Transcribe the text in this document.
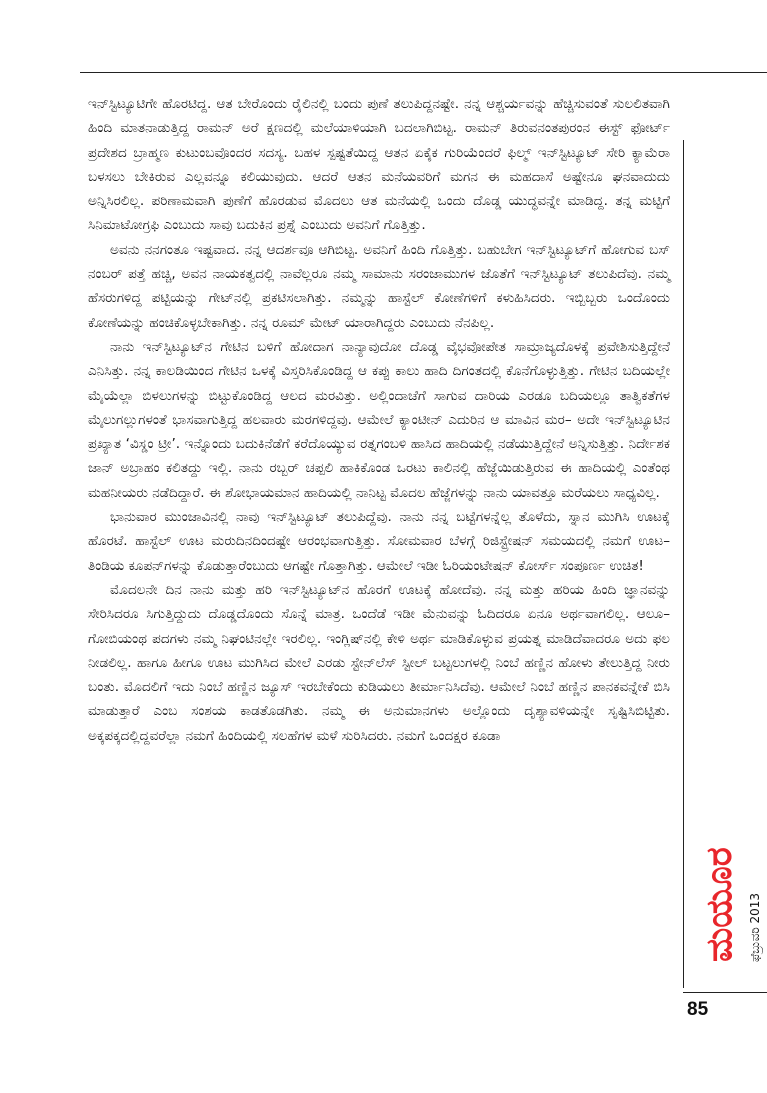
ಇನ್‌ಸ್ಟಿಟ್ಯೂಟಿಗೇ ಹೊರಟಿದ್ದ. ಆತ ಬೇರೊಂದು ರೈಲಿನಲ್ಲಿ ಬಂದು ಪುಣೆ ತಲುಪಿದ್ದನಷ್ಟೇ. ನನ್ನ ಆಶ್ಚರ್ಯವನ್ನು ಹೆಚ್ಚಿಸುವಂತೆ ಸುಲಲಿತವಾಗಿ ಹಿಂದಿ ಮಾತನಾಡುತ್ತಿದ್ದ ರಾಮನ್ ಅರೆ ಕ್ಷಣದಲ್ಲಿ ಮಲೆಯಾಳಿಯಾಗಿ ಬದಲಾಗಿಬಿಟ್ಟ. ರಾಮನ್ ತಿರುವನಂತಪುರಂನ ಈಸ್ಟ್ ಫೋರ್ಟ್ ಪ್ರದೇಶದ ಬ್ರಾಹ್ಮಣ ಕುಟುಂಬವೊಂದರ ಸದಸ್ಯ. ಬಹಳ ಸ್ಪಷ್ಟತೆಯಿದ್ದ ಆತನ ಏಕೈಕ ಗುರಿಯೆಂದರೆ ಫಿಲ್ಮ್ ಇನ್‌ಸ್ಟಿಟ್ಯೂಟ್ ಸೇರಿ ಕ್ಯಾಮೆರಾ ಬಳಸಲು ಬೇಕಿರುವ ಎಲ್ಲವನ್ನೂ ಕಲಿಯುವುದು. ಆದರೆ ಆತನ ಮನೆಯವರಿಗೆ ಮಗನ ಈ ಮಹದಾಸೆ ಅಷ್ಟೇನೂ ಘನವಾದುದು ಅನ್ನಿಸಿರಲಿಲ್ಲ. ಪರಿಣಾಮವಾಗಿ ಪುಣೆಗೆ ಹೊರಡುವ ಮೊದಲು ಆತ ಮನೆಯಲ್ಲಿ ಒಂದು ದೊಡ್ಡ ಯುದ್ಧವನ್ನೇ ಮಾಡಿದ್ದ. ತನ್ನ ಮಟ್ಟಿಗೆ ಸಿನಿಮಾಟೋಗ್ರಫಿ ಎಂಬುದು ಸಾವು ಬದುಕಿನ ಪ್ರಶ್ನೆ ಎಂಬುದು ಅವನಿಗೆ ಗೊತ್ತಿತ್ತು.

ಅವನು ನನಗಂತೂ ಇಷ್ಟವಾದ. ನನ್ನ ಆದರ್ಶವೂ ಆಗಿಬಿಟ್ಟ. ಅವನಿಗೆ ಹಿಂದಿ ಗೊತ್ತಿತ್ತು. ಬಹುಬೇಗ ಇನ್‌ಸ್ಟಿಟ್ಯೂಟ್‌ಗೆ ಹೋಗುವ ಬಸ್ ನಂಬರ್ ಪತ್ತೆ ಹಚ್ಚಿ, ಅವನ ನಾಯಕತ್ವದಲ್ಲಿ ನಾವೆಲ್ಲರೂ ನಮ್ಮ ಸಾಮಾನು ಸರಂಜಾಮುಗಳ ಜೊತೆಗೆ ಇನ್‌ಸ್ಟಿಟ್ಯೂಟ್ ತಲುಪಿದೆವು. ನಮ್ಮ ಹೆಸರುಗಳಿದ್ದ ಪಟ್ಟಿಯನ್ನು ಗೇಟ್‌ನಲ್ಲಿ ಪ್ರಕಟಿಸಲಾಗಿತ್ತು. ನಮ್ಮನ್ನು ಹಾಸ್ಟೆಲ್ ಕೋಣೆಗಳಿಗೆ ಕಳುಹಿಸಿದರು. ಇಬ್ಬಿಬ್ಬರು ಒಂದೊಂದು ಕೋಣೆಯನ್ನು ಹಂಚಿಕೊಳ್ಳಬೇಕಾಗಿತ್ತು. ನನ್ನ ರೂಮ್ ಮೇಟ್ ಯಾರಾಗಿದ್ದರು ಎಂಬುದು ನೆನಪಿಲ್ಲ.

ನಾನು ಇನ್‌ಸ್ಟಿಟ್ಯೂಟ್‌ನ ಗೇಟಿನ ಬಳಿಗೆ ಹೋದಾಗ ನಾನ್ಯಾವುದೋ ದೊಡ್ಡ ವೈಭವೋಪೇತ ಸಾಮ್ರಾಜ್ಯದೊಳಕ್ಕೆ ಪ್ರವೇಶಿಸುತ್ತಿದ್ದೇನೆ ಎನಿಸಿತ್ತು. ನನ್ನ ಕಾಲಡಿಯಿಂದ ಗೇಟಿನ ಒಳಕ್ಕೆ ವಿಸ್ತರಿಸಿಕೊಂಡಿದ್ದ ಆ ಕಪ್ಪು ಕಾಲು ಹಾದಿ ದಿಗಂತದಲ್ಲಿ ಕೊನೆಗೊಳ್ಳುತ್ತಿತ್ತು. ಗೇಟಿನ ಬದಿಯಲ್ಲೇ ಮೈಯೆಲ್ಲಾ ಬಿಳಲುಗಳನ್ನು ಬಿಟ್ಟುಕೊಂಡಿದ್ದ ಆಲದ ಮರವಿತ್ತು. ಅಲ್ಲಿಂದಾಚೆಗೆ ಸಾಗುವ ದಾರಿಯ ಎರಡೂ ಬದಿಯಲ್ಲೂ ತಾತ್ವಿಕತೆಗಳ ಮೈಲುಗಲ್ಲುಗಳಂತೆ ಭಾಸವಾಗುತ್ತಿದ್ದ ಹಲವಾರು ಮರಗಳಿದ್ದವು. ಆಮೇಲೆ ಕ್ಯಾಂಟೀನ್ ಎದುರಿನ ಆ ಮಾವಿನ ಮರ– ಅದೇ ಇನ್‌ಸ್ಟಿಟ್ಯೂಟಿನ ಪ್ರಖ್ಯಾತ ‘ವಿಸ್ಡಂ ಟ್ರೀ’. ಇನ್ನೊಂದು ಬದುಕಿನೆಡೆಗೆ ಕರೆದೊಯ್ಯುವ ರತ್ನಗಂಬಳಿ ಹಾಸಿದ ಹಾದಿಯಲ್ಲಿ ನಡೆಯುತ್ತಿದ್ದೇನೆ ಅನ್ನಿಸುತ್ತಿತ್ತು. ನಿರ್ದೇಶಕ ಜಾನ್ ಅಬ್ರಾಹಂ ಕಲಿತದ್ದು ಇಲ್ಲಿ. ನಾನು ರಬ್ಬರ್ ಚಪ್ಪಲಿ ಹಾಕಿಕೊಂಡ ಒರಟು ಕಾಲಿನಲ್ಲಿ ಹೆಜ್ಜೆಯಿಡುತ್ತಿರುವ ಈ ಹಾದಿಯಲ್ಲಿ ಎಂತೆಂಥ ಮಹನೀಯರು ನಡೆದಿದ್ದಾರೆ. ಈ ಶೋಭಾಯಮಾನ ಹಾದಿಯಲ್ಲಿ ನಾನಿಟ್ಟ ಮೊದಲ ಹೆಜ್ಜೆಗಳನ್ನು ನಾನು ಯಾವತ್ತೂ ಮರೆಯಲು ಸಾಧ್ಯವಿಲ್ಲ.

ಭಾನುವಾರ ಮುಂಜಾವಿನಲ್ಲಿ ನಾವು ಇನ್‌ಸ್ಟಿಟ್ಯೂಟ್ ತಲುಪಿದ್ದೆವು. ನಾನು ನನ್ನ ಬಟ್ಟೆಗಳನ್ನೆಲ್ಲ ತೊಳೆದು, ಸ್ನಾನ ಮುಗಿಸಿ ಊಟಕ್ಕೆ ಹೊರಟೆ. ಹಾಸ್ಟೆಲ್ ಊಟ ಮರುದಿನದಿಂದಷ್ಟೇ ಆರಂಭವಾಗುತ್ತಿತ್ತು. ಸೋಮವಾರ ಬೆಳಗ್ಗೆ ರಿಜಿಸ್ಟ್ರೇಷನ್ ಸಮಯದಲ್ಲಿ ನಮಗೆ ಊಟ–ತಿಂಡಿಯ ಕೂಪನ್‌ಗಳನ್ನು ಕೊಡುತ್ತಾರೆಂಬುದು ಆಗಷ್ಟೇ ಗೊತ್ತಾಗಿತ್ತು. ಆಮೇಲೆ ಇಡೀ ಓರಿಯಂಟೇಷನ್ ಕೋರ್ಸ್ ಸಂಪೂರ್ಣ ಉಚಿತ!

ಮೊದಲನೇ ದಿನ ನಾನು ಮತ್ತು ಹರಿ ಇನ್‌ಸ್ಟಿಟ್ಯೂಟ್‌ನ ಹೊರಗೆ ಊಟಕ್ಕೆ ಹೋದೆವು. ನನ್ನ ಮತ್ತು ಹರಿಯ ಹಿಂದಿ ಜ್ಞಾನವನ್ನು ಸೇರಿಸಿದರೂ ಸಿಗುತ್ತಿದ್ದುದು ದೊಡ್ಡದೊಂದು ಸೊನ್ನೆ ಮಾತ್ರ. ಒಂದೆಡೆ ಇಡೀ ಮೆನುವನ್ನು ಓದಿದರೂ ಏನೂ ಅರ್ಥವಾಗಲಿಲ್ಲ. ಆಲೂ–ಗೋಬಿಯಂಥ ಪದಗಳು ನಮ್ಮ ನಿಘಂಟಿನಲ್ಲೇ ಇರಲಿಲ್ಲ. ಇಂಗ್ಲಿಷ್‌ನಲ್ಲಿ ಕೇಳಿ ಅರ್ಥ ಮಾಡಿಕೊಳ್ಳುವ ಪ್ರಯತ್ನ ಮಾಡಿದೆವಾದರೂ ಅದು ಫಲ ನೀಡಲಿಲ್ಲ. ಹಾಗೂ ಹೀಗೂ ಊಟ ಮುಗಿಸಿದ ಮೇಲೆ ಎರಡು ಸ್ಟೇನ್‌ಲೆಸ್ ಸ್ಟೀಲ್ ಬಟ್ಟಲುಗಳಲ್ಲಿ ನಿಂಬೆ ಹಣ್ಣಿನ ಹೋಳು ತೇಲುತ್ತಿದ್ದ ನೀರು ಬಂತು. ಮೊದಲಿಗೆ ಇದು ನಿಂಬೆ ಹಣ್ಣಿನ ಜ್ಯೂಸ್ ಇರಬೇಕೆಂದು ಕುಡಿಯಲು ತೀರ್ಮಾನಿಸಿದೆವು. ಆಮೇಲೆ ನಿಂಬೆ ಹಣ್ಣಿನ ಪಾನಕವನ್ನೇಕೆ ಬಿಸಿ ಮಾಡುತ್ತಾರೆ ಎಂಬ ಸಂಶಯ ಕಾಡತೊಡಗಿತು. ನಮ್ಮ ಈ ಅನುಮಾನಗಳು ಅಲ್ಲೊಂದು ದೃಶ್ಯಾವಳಿಯನ್ನೇ ಸೃಷ್ಟಿಸಿಬಿಟ್ಟಿತು. ಅಕ್ಕಪಕ್ಕದಲ್ಲಿದ್ದವರೆಲ್ಲಾ ನಮಗೆ ಹಿಂದಿಯಲ್ಲಿ ಸಲಹೆಗಳ ಮಳೆ ಸುರಿಸಿದರು. ನಮಗೆ ಒಂದಕ್ಷರ ಕೂಡಾ

ಮಯೂರ ಫೆಬ್ರುವರಿ 2013
85
